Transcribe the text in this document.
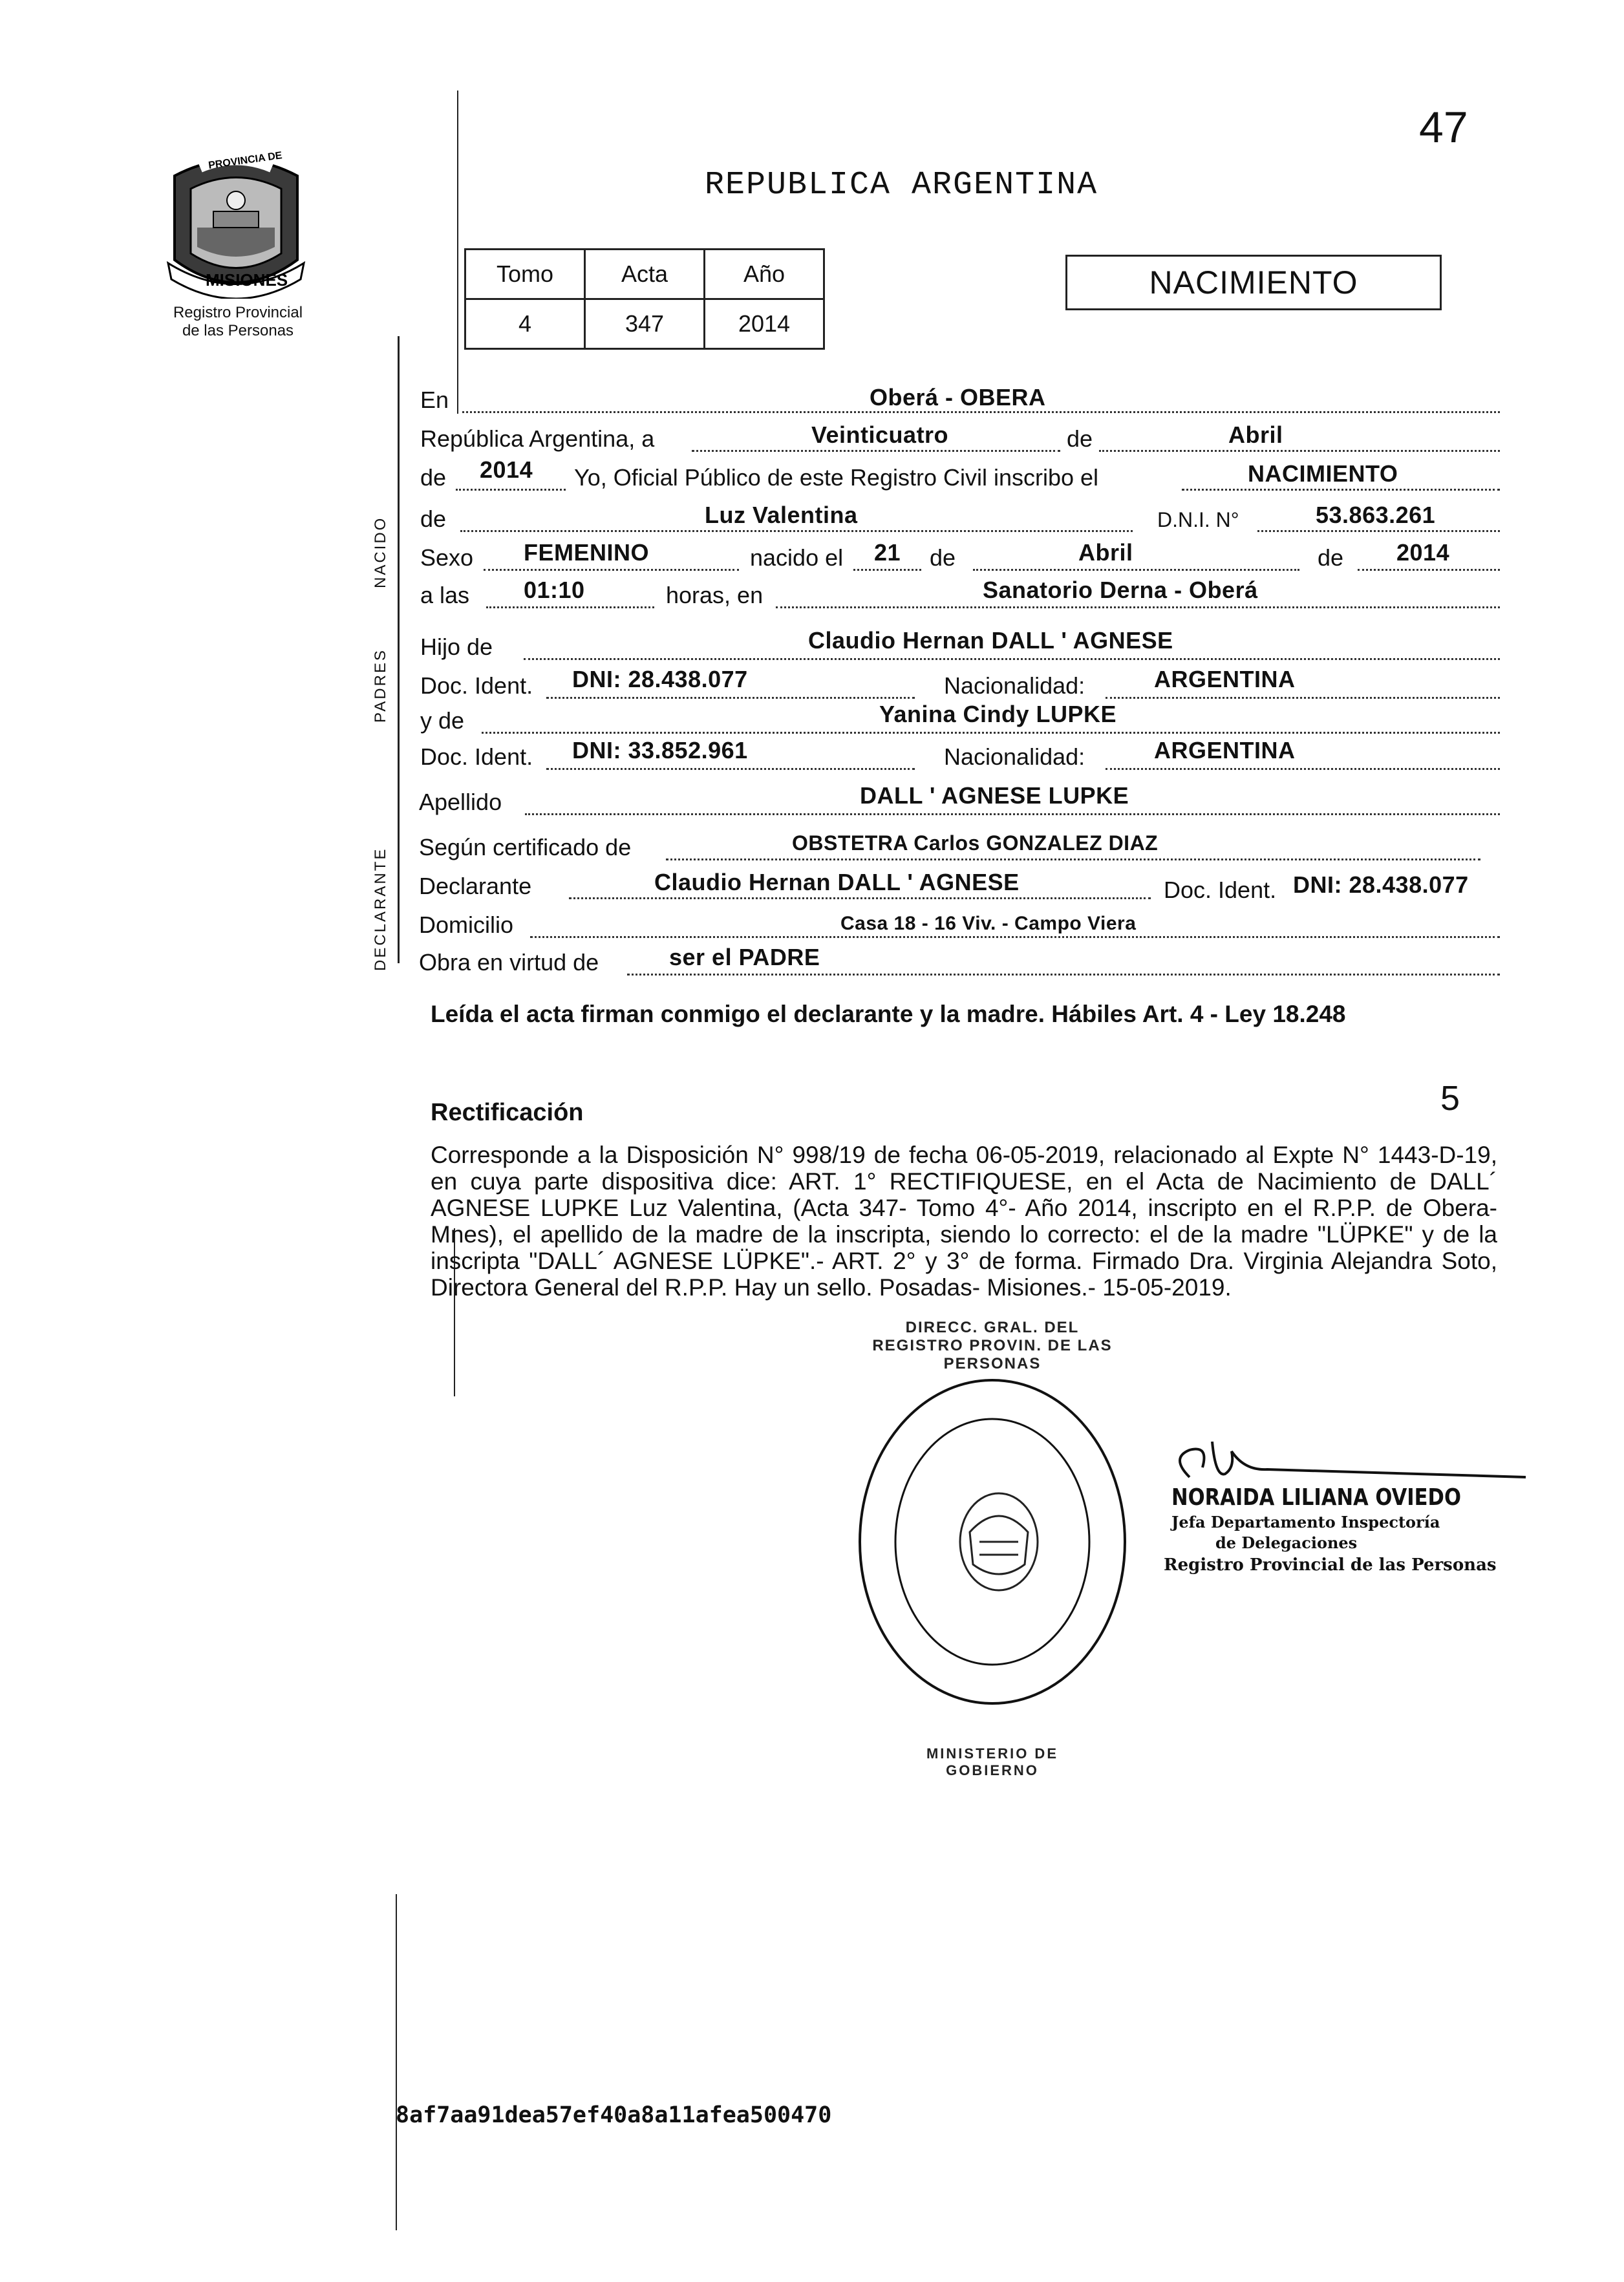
47
PROVINCIA DE
MISIONES
Registro Provincial
de las Personas
REPUBLICA ARGENTINA
Tomo	Acta	Año
4	347	2014
NACIMIENTO
NACIDO
PADRES
DECLARANTE
En	Oberá - OBERA
República Argentina, a	Veinticuatro	de	Abril
de 2014 Yo, Oficial Público de este Registro Civil inscribo el	NACIMIENTO
de	Luz Valentina	D.N.I. N°	53.863.261
Sexo FEMENINO	nacido el 21 de	Abril	de 2014
a las 01:10	horas, en	Sanatorio Derna - Oberá
Hijo de	Claudio Hernan DALL ' AGNESE
Doc. Ident. DNI: 28.438.077	Nacionalidad:	ARGENTINA
y de	Yanina Cindy LUPKE
Doc. Ident. DNI: 33.852.961	Nacionalidad:	ARGENTINA
Apellido	DALL ' AGNESE LUPKE
Según certificado de	OBSTETRA Carlos GONZALEZ DIAZ
Declarante	Claudio Hernan DALL ' AGNESE	Doc. Ident. DNI: 28.438.077
Domicilio	Casa 18 - 16 Viv. - Campo Viera
Obra en virtud de	ser el PADRE
Leída el acta firman conmigo el declarante y la madre. Hábiles Art. 4 - Ley 18.248
Rectificación	5
Corresponde a la Disposición N° 998/19 de fecha 06-05-2019, relacionado al Expte N° 1443-D-19, en cuya parte dispositiva dice: ART. 1° RECTIFIQUESE, en el Acta de Nacimiento de DALL´ AGNESE LUPKE Luz Valentina, (Acta 347- Tomo 4°- Año 2014, inscripto en el R.P.P. de Obera- Mnes), el apellido de la madre de la inscripta, siendo lo correcto: el de la madre "LÜPKE" y de la inscripta "DALL´ AGNESE LÜPKE".- ART. 2° y 3° de forma. Firmado Dra. Virginia Alejandra Soto, Directora General del R.P.P. Hay un sello. Posadas- Misiones.- 15-05-2019.
DIRECC. GRAL. DEL REGISTRO PROVIN. DE LAS PERSONAS
MINISTERIO DE GOBIERNO
NORAIDA LILIANA OVIEDO
Jefa Departamento Inspectoría
de Delegaciones
Registro Provincial de las Personas
8af7aa91dea57ef40a8a11afea500470
